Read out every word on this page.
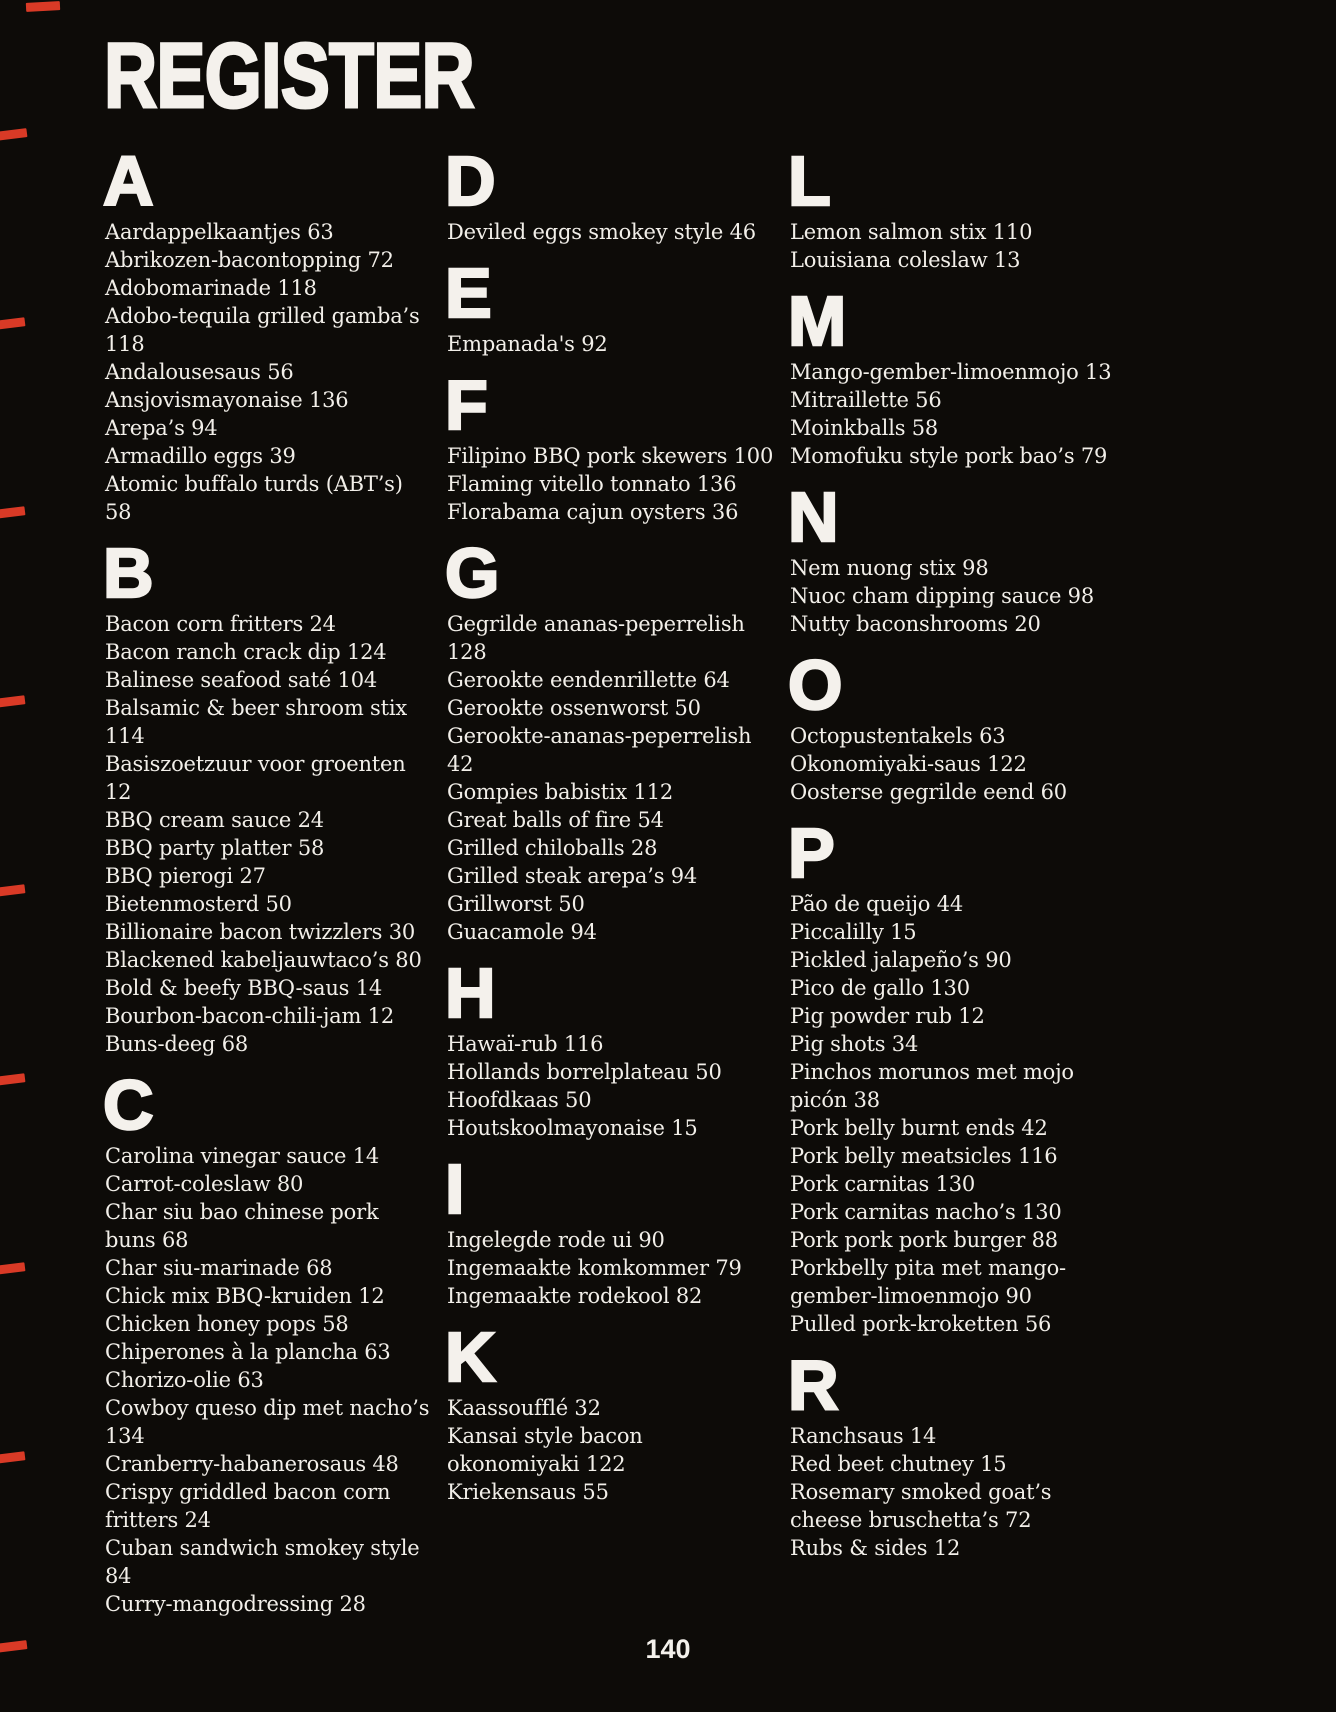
REGISTER
A
Aardappelkaantjes 63
Abrikozen-bacontopping 72
Adobomarinade 118
Adobo-tequila grilled gamba’s 118
Andalousesaus 56
Ansjovismayonaise 136
Arepa’s 94
Armadillo eggs 39
Atomic buffalo turds (ABT’s) 58
B
Bacon corn fritters 24
Bacon ranch crack dip 124
Balinese seafood saté 104
Balsamic & beer shroom stix 114
Basiszoetzuur voor groenten 12
BBQ cream sauce 24
BBQ party platter 58
BBQ pierogi 27
Bietenmosterd 50
Billionaire bacon twizzlers 30
Blackened kabeljauwtaco’s 80
Bold & beefy BBQ-saus 14
Bourbon-bacon-chili-jam 12
Buns-deeg 68
C
Carolina vinegar sauce 14
Carrot-coleslaw 80
Char siu bao chinese pork buns 68
Char siu-marinade 68
Chick mix BBQ-kruiden 12
Chicken honey pops 58
Chiperones à la plancha 63
Chorizo-olie 63
Cowboy queso dip met nacho’s 134
Cranberry-habanerosaus 48
Crispy griddled bacon corn fritters 24
Cuban sandwich smokey style 84
Curry-mangodressing 28
D
Deviled eggs smokey style 46
E
Empanada's 92
F
Filipino BBQ pork skewers 100
Flaming vitello tonnato 136
Florabama cajun oysters 36
G
Gegrilde ananas-peperrelish 128
Gerookte eendenrillette 64
Gerookte ossenworst 50
Gerookte-ananas-peperrelish 42
Gompies babistix 112
Great balls of fire 54
Grilled chiloballs 28
Grilled steak arepa’s 94
Grillworst 50
Guacamole 94
H
Hawaï-rub 116
Hollands borrelplateau 50
Hoofdkaas 50
Houtskoolmayonaise 15
I
Ingelegde rode ui 90
Ingemaakte komkommer 79
Ingemaakte rodekool 82
K
Kaassoufflé 32
Kansai style bacon okonomiyaki 122
Kriekensaus 55
L
Lemon salmon stix 110
Louisiana coleslaw 13
M
Mango-gember-limoenmojo 13
Mitraillette 56
Moinkballs 58
Momofuku style pork bao’s 79
N
Nem nuong stix 98
Nuoc cham dipping sauce 98
Nutty baconshrooms 20
O
Octopustentakels 63
Okonomiyaki-saus 122
Oosterse gegrilde eend 60
P
Pão de queijo 44
Piccalilly 15
Pickled jalapeño’s 90
Pico de gallo 130
Pig powder rub 12
Pig shots 34
Pinchos morunos met mojo picón 38
Pork belly burnt ends 42
Pork belly meatsicles 116
Pork carnitas 130
Pork carnitas nacho’s 130
Pork pork pork burger 88
Porkbelly pita met mango-gember-limoenmojo 90
Pulled pork-kroketten 56
R
Ranchsaus 14
Red beet chutney 15
Rosemary smoked goat’s cheese bruschetta’s 72
Rubs & sides 12
140
